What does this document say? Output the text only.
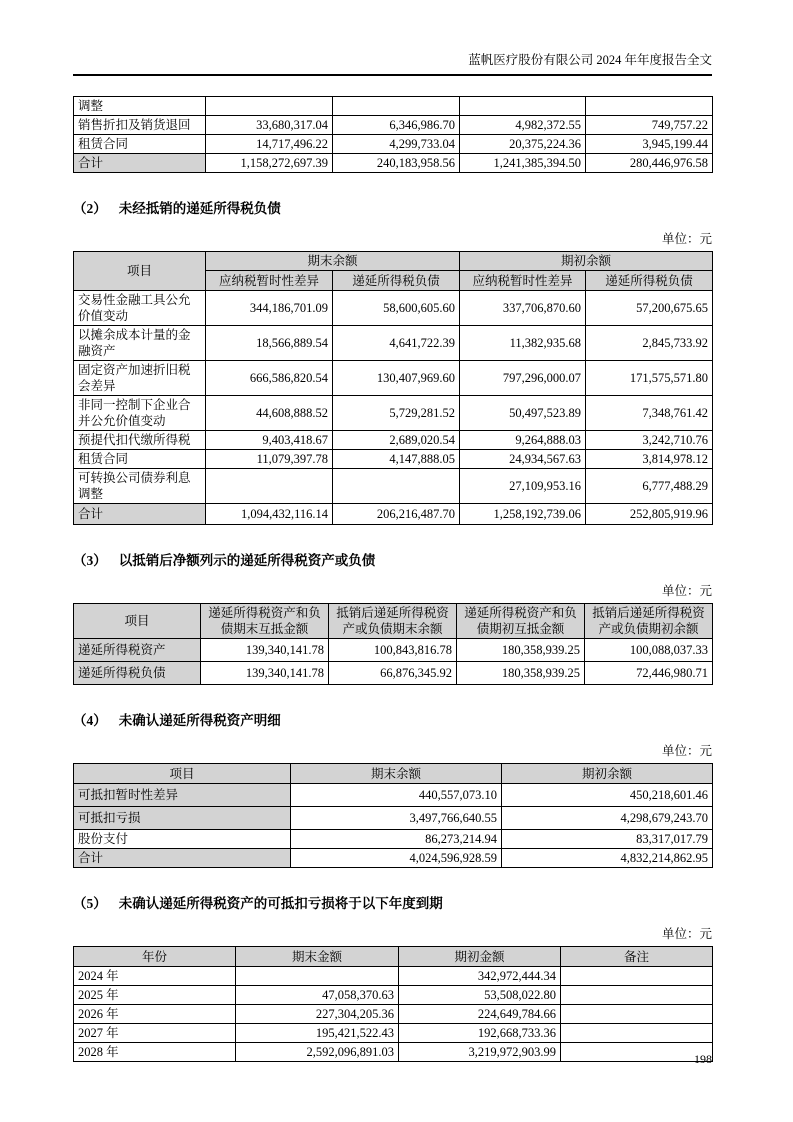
蓝帆医疗股份有限公司 2024 年年度报告全文
调整				
销售折扣及销货退回	33,680,317.04	6,346,986.70	4,982,372.55	749,757.22
租赁合同	14,717,496.22	4,299,733.04	20,375,224.36	3,945,199.44
合计	1,158,272,697.39	240,183,958.56	1,241,385,394.50	280,446,976.58
（2） 未经抵销的递延所得税负债
单位：元
项目	期末余额		期初余额	
	应纳税暂时性差异	递延所得税负债	应纳税暂时性差异	递延所得税负债
交易性金融工具公允价值变动	344,186,701.09	58,600,605.60	337,706,870.60	57,200,675.65
以摊余成本计量的金融资产	18,566,889.54	4,641,722.39	11,382,935.68	2,845,733.92
固定资产加速折旧税会差异	666,586,820.54	130,407,969.60	797,296,000.07	171,575,571.80
非同一控制下企业合并公允价值变动	44,608,888.52	5,729,281.52	50,497,523.89	7,348,761.42
预提代扣代缴所得税	9,403,418.67	2,689,020.54	9,264,888.03	3,242,710.76
租赁合同	11,079,397.78	4,147,888.05	24,934,567.63	3,814,978.12
可转换公司债券利息调整			27,109,953.16	6,777,488.29
合计	1,094,432,116.14	206,216,487.70	1,258,192,739.06	252,805,919.96
（3） 以抵销后净额列示的递延所得税资产或负债
单位：元
项目	递延所得税资产和负债期末互抵金额	抵销后递延所得税资产或负债期末余额	递延所得税资产和负债期初互抵金额	抵销后递延所得税资产或负债期初余额
递延所得税资产	139,340,141.78	100,843,816.78	180,358,939.25	100,088,037.33
递延所得税负债	139,340,141.78	66,876,345.92	180,358,939.25	72,446,980.71
（4） 未确认递延所得税资产明细
单位：元
项目	期末余额	期初余额
可抵扣暂时性差异	440,557,073.10	450,218,601.46
可抵扣亏损	3,497,766,640.55	4,298,679,243.70
股份支付	86,273,214.94	83,317,017.79
合计	4,024,596,928.59	4,832,214,862.95
（5） 未确认递延所得税资产的可抵扣亏损将于以下年度到期
单位：元
年份	期末金额	期初金额	备注
2024 年		342,972,444.34	
2025 年	47,058,370.63	53,508,022.80	
2026 年	227,304,205.36	224,649,784.66	
2027 年	195,421,522.43	192,668,733.36	
2028 年	2,592,096,891.03	3,219,972,903.99		198
